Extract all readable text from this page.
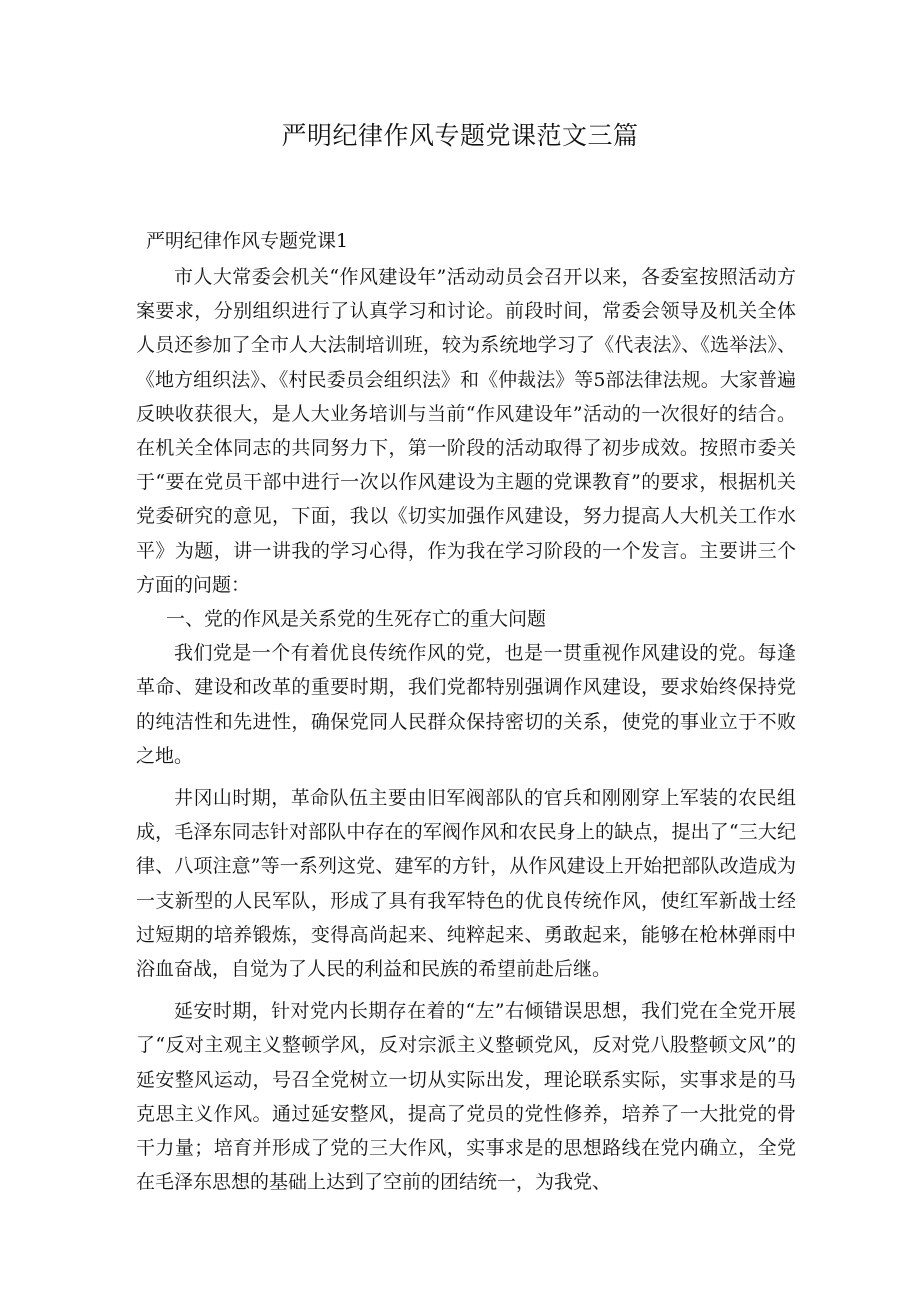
严明纪律作风专题党课范文三篇
严明纪律作风专题党课1

市人大常委会机关“作风建设年”活动动员会召开以来，各委室按照活动方案要求，分别组织进行了认真学习和讨论。前段时间，常委会领导及机关全体人员还参加了全市人大法制培训班，较为系统地学习了《代表法》、《选举法》、《地方组织法》、《村民委员会组织法》和《仲裁法》等5部法律法规。大家普遍反映收获很大，是人大业务培训与当前“作风建设年”活动的一次很好的结合。在机关全体同志的共同努力下，第一阶段的活动取得了初步成效。按照市委关于“要在党员干部中进行一次以作风建设为主题的党课教育”的要求，根据机关党委研究的意见，下面，我以《切实加强作风建设，努力提高人大机关工作水平》为题，讲一讲我的学习心得，作为我在学习阶段的一个发言。主要讲三个方面的问题：

一、党的作风是关系党的生死存亡的重大问题

我们党是一个有着优良传统作风的党，也是一贯重视作风建设的党。每逢革命、建设和改革的重要时期，我们党都特别强调作风建设，要求始终保持党的纯洁性和先进性，确保党同人民群众保持密切的关系，使党的事业立于不败之地。

井冈山时期，革命队伍主要由旧军阀部队的官兵和刚刚穿上军装的农民组成，毛泽东同志针对部队中存在的军阀作风和农民身上的缺点，提出了“三大纪律、八项注意”等一系列这党、建军的方针，从作风建设上开始把部队改造成为一支新型的人民军队，形成了具有我军特色的优良传统作风，使红军新战士经过短期的培养锻炼，变得高尚起来、纯粹起来、勇敢起来，能够在枪林弹雨中浴血奋战，自觉为了人民的利益和民族的希望前赴后继。

延安时期，针对党内长期存在着的“左”右倾错误思想，我们党在全党开展了“反对主观主义整顿学风，反对宗派主义整顿党风，反对党八股整顿文风”的延安整风运动，号召全党树立一切从实际出发，理论联系实际，实事求是的马克思主义作风。通过延安整风，提高了党员的党性修养，培养了一大批党的骨干力量；培育并形成了党的三大作风，实事求是的思想路线在党内确立，全党在毛泽东思想的基础上达到了空前的团结统一，为我党、
